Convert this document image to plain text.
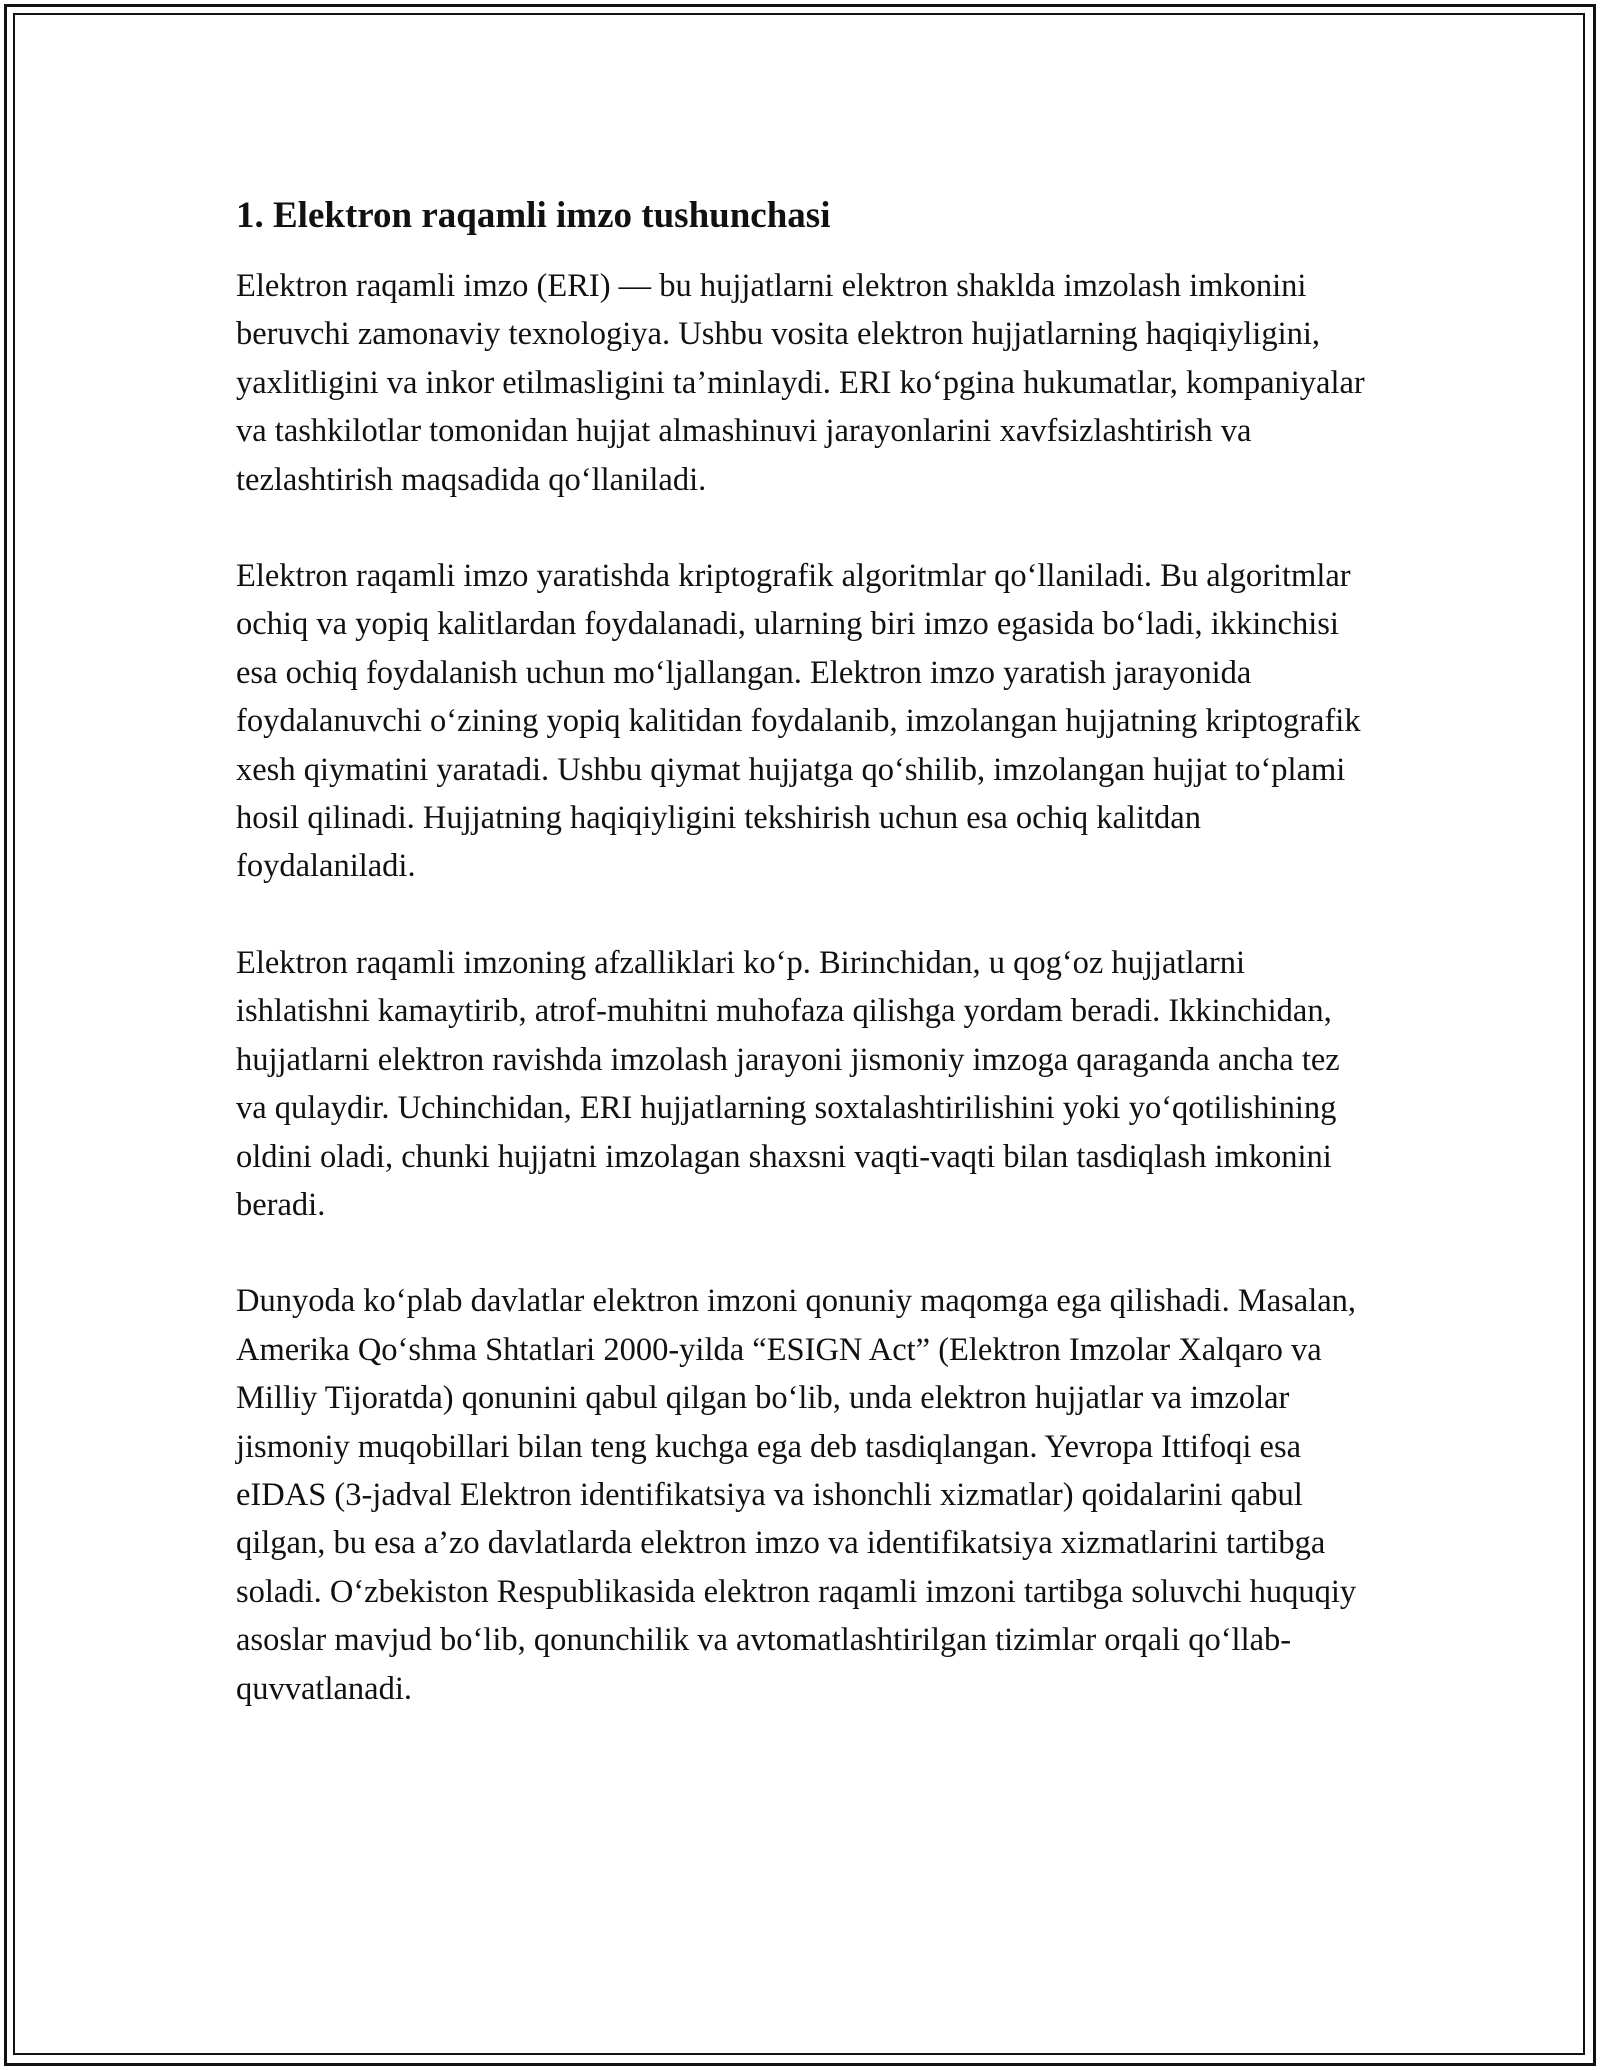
1. Elektron raqamli imzo tushunchasi

Elektron raqamli imzo (ERI) — bu hujjatlarni elektron shaklda imzolash imkonini beruvchi zamonaviy texnologiya. Ushbu vosita elektron hujjatlarning haqiqiyligini, yaxlitligini va inkor etilmasligini ta’minlaydi. ERI koʻpgina hukumatlar, kompaniyalar va tashkilotlar tomonidan hujjat almashinuvi jarayonlarini xavfsizlashtirish va tezlashtirish maqsadida qoʻllaniladi.

Elektron raqamli imzo yaratishda kriptografik algoritmlar qoʻllaniladi. Bu algoritmlar ochiq va yopiq kalitlardan foydalanadi, ularning biri imzo egasida boʻladi, ikkinchisi esa ochiq foydalanish uchun moʻljallangan. Elektron imzo yaratish jarayonida foydalanuvchi oʻzining yopiq kalitidan foydalanib, imzolangan hujjatning kriptografik xesh qiymatini yaratadi. Ushbu qiymat hujjatga qoʻshilib, imzolangan hujjat toʻplami hosil qilinadi. Hujjatning haqiqiyligini tekshirish uchun esa ochiq kalitdan foydalaniladi.

Elektron raqamli imzoning afzalliklari koʻp. Birinchidan, u qogʻoz hujjatlarni ishlatishni kamaytirib, atrof-muhitni muhofaza qilishga yordam beradi. Ikkinchidan, hujjatlarni elektron ravishda imzolash jarayoni jismoniy imzoga qaraganda ancha tez va qulaydir. Uchinchidan, ERI hujjatlarning soxtalashtirilishini yoki yoʻqotilishining oldini oladi, chunki hujjatni imzolagan shaxsni vaqti-vaqti bilan tasdiqlash imkonini beradi.

Dunyoda koʻplab davlatlar elektron imzoni qonuniy maqomga ega qilishadi. Masalan, Amerika Qoʻshma Shtatlari 2000-yilda “ESIGN Act” (Elektron Imzolar Xalqaro va Milliy Tijoratda) qonunini qabul qilgan boʻlib, unda elektron hujjatlar va imzolar jismoniy muqobillari bilan teng kuchga ega deb tasdiqlangan. Yevropa Ittifoqi esa eIDAS (3-jadval Elektron identifikatsiya va ishonchli xizmatlar) qoidalarini qabul qilgan, bu esa a’zo davlatlarda elektron imzo va identifikatsiya xizmatlarini tartibga soladi. Oʻzbekiston Respublikasida elektron raqamli imzoni tartibga soluvchi huquqiy asoslar mavjud boʻlib, qonunchilik va avtomatlashtirilgan tizimlar orqali qoʻllab-quvvatlanadi.
